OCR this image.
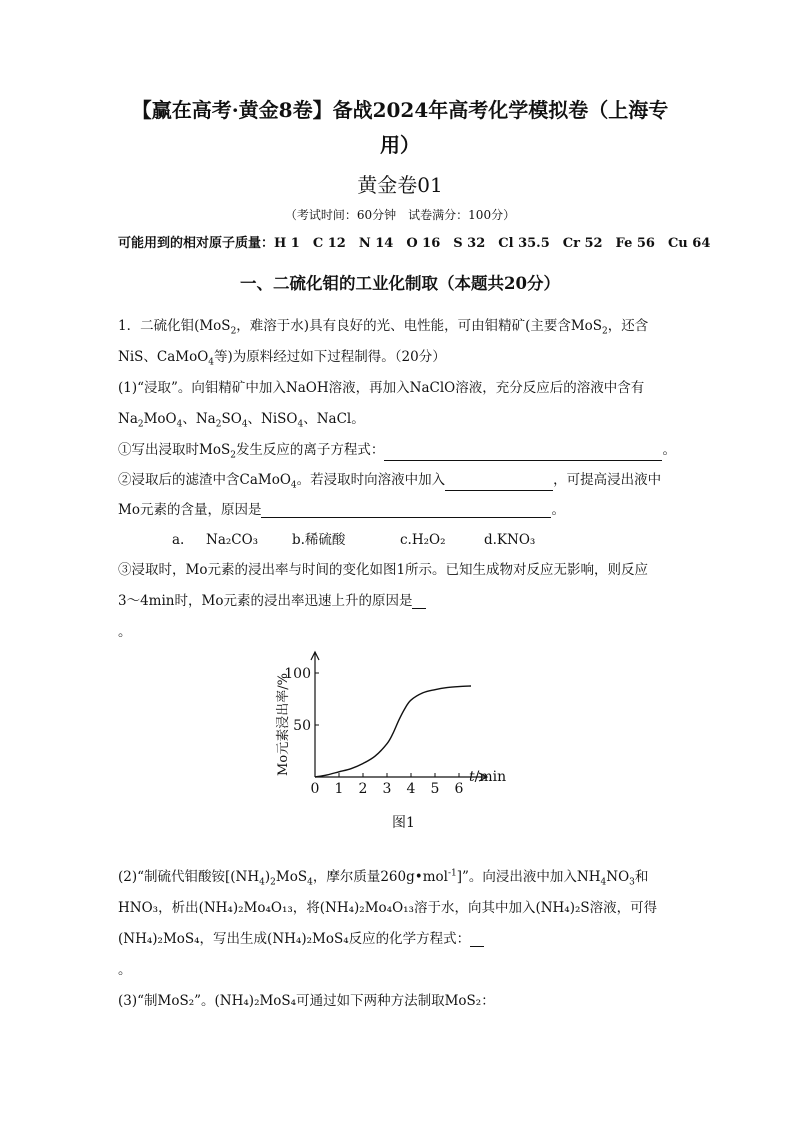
【赢在高考·黄金8卷】备战2024年高考化学模拟卷（上海专
用）
黄金卷01
（考试时间：60分钟　试卷满分：100分）
可能用到的相对原子质量：H 1　C 12　N 14　O 16　S 32　Cl 35.5　Cr 52　Fe 56　Cu 64
一、二硫化钼的工业化制取（本题共20分）
1．二硫化钼(MoS$_2$，难溶于水)具有良好的光、电性能，可由钼精矿(主要含MoS$_2$，还含
NiS、CaMoO$_4$等)为原料经过如下过程制得。（20分）
(1)“浸取”。向钼精矿中加入NaOH溶液，再加入NaClO溶液，充分反应后的溶液中含有
$Na_2MoO_4$、$Na_2SO_4$、NiSO$_4$、NaCl。
①写出浸取时MoS$_2$发生反应的离子方程式：	。
②浸取后的滤渣中含CaMoO$_4$。若浸取时向溶液中加入	，可提高浸出液中
Mo元素的含量，原因是	。
a. Na₂CO₃	b.稀硫酸	c.H₂O₂	d.KNO₃
③浸取时，Mo元素的浸出率与时间的变化如图1所示。已知生成物对反应无影响，则反应
3～4min时，Mo元素的浸出率迅速上升的原因是
。
0 1 2 3 4 5 6
50
100
t/min
Mo元素浸出率/%
图1
(2)“制硫代钼酸铵[$(NH_4)_2MoS_4$，摩尔质量260g•mol$^{-1}$]”。向浸出液中加入$NH_4NO_3$和
HNO₃，析出(NH₄)₂Mo₄O₁₃，将(NH₄)₂Mo₄O₁₃溶于水，向其中加入(NH₄)₂S溶液，可得
(NH₄)₂MoS₄，写出生成(NH₄)₂MoS₄反应的化学方程式：
。
(3)“制MoS₂”。(NH₄)₂MoS₄可通过如下两种方法制取MoS₂：
